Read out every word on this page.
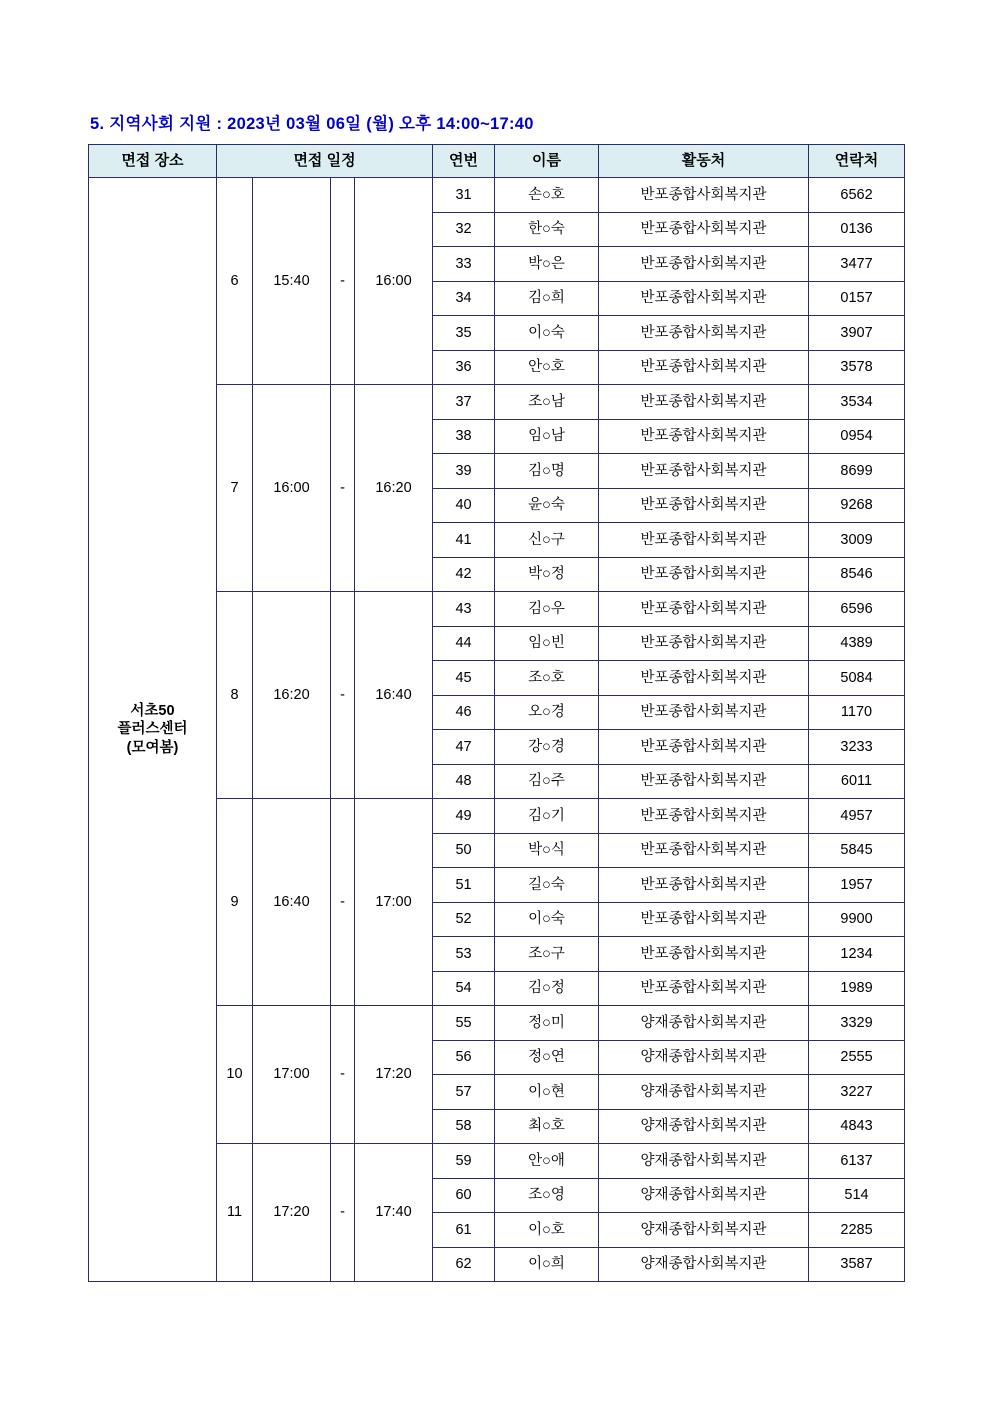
5. 지역사회 지원 : 2023년 03월 06일 (월) 오후 14:00~17:40
면접 장소	면접 일정				연번	이름	활동처	연락처

서초50
플러스센터
(모여봄)	6	15:40	-	16:00	31	손○호	반포종합사회복지관	6562
					32	한○숙	반포종합사회복지관	0136
					33	박○은	반포종합사회복지관	3477
					34	김○희	반포종합사회복지관	0157
					35	이○숙	반포종합사회복지관	3907
					36	안○호	반포종합사회복지관	3578
	7	16:00	-	16:20	37	조○남	반포종합사회복지관	3534
					38	임○남	반포종합사회복지관	0954
					39	김○명	반포종합사회복지관	8699
					40	윤○숙	반포종합사회복지관	9268
					41	신○구	반포종합사회복지관	3009
					42	박○정	반포종합사회복지관	8546
	8	16:20	-	16:40	43	김○우	반포종합사회복지관	6596
					44	임○빈	반포종합사회복지관	4389
					45	조○호	반포종합사회복지관	5084
					46	오○경	반포종합사회복지관	1170
					47	강○경	반포종합사회복지관	3233
					48	김○주	반포종합사회복지관	6011
	9	16:40	-	17:00	49	김○기	반포종합사회복지관	4957
					50	박○식	반포종합사회복지관	5845
					51	길○숙	반포종합사회복지관	1957
					52	이○숙	반포종합사회복지관	9900
					53	조○구	반포종합사회복지관	1234
					54	김○정	반포종합사회복지관	1989
	10	17:00	-	17:20	55	정○미	양재종합사회복지관	3329
					56	정○연	양재종합사회복지관	2555
					57	이○현	양재종합사회복지관	3227
					58	최○호	양재종합사회복지관	4843
	11	17:20	-	17:40	59	안○애	양재종합사회복지관	6137
					60	조○영	양재종합사회복지관	514
					61	이○호	양재종합사회복지관	2285
					62	이○희	양재종합사회복지관	3587
